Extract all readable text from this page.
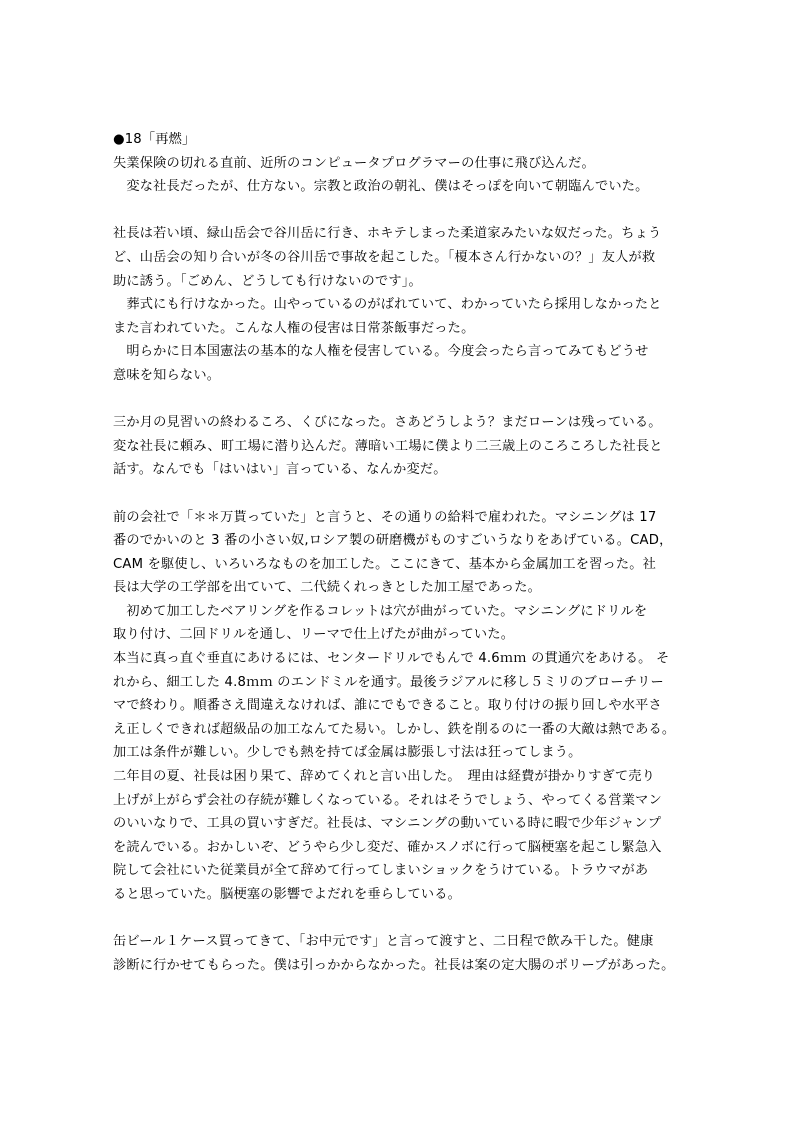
●18「再燃」
失業保険の切れる直前、近所のコンピュータプログラマーの仕事に飛び込んだ。
　変な社長だったが、仕方ない。宗教と政治の朝礼、僕はそっぽを向いて朝臨んでいた。
社長は若い頃、緑山岳会で谷川岳に行き、ホキテしまった柔道家みたいな奴だった。ちょう
ど、山岳会の知り合いが冬の谷川岳で事故を起こした。「榎本さん行かないの？」友人が救
助に誘う。「ごめん、どうしても行けないのです」。
　葬式にも行けなかった。山やっているのがばれていて、わかっていたら採用しなかったと
また言われていた。こんな人権の侵害は日常茶飯事だった。
　明らかに日本国憲法の基本的な人権を侵害している。今度会ったら言ってみてもどうせ
意味を知らない。
三か月の見習いの終わるころ、くびになった。さあどうしよう？まだローンは残っている。
変な社長に頼み、町工場に潜り込んだ。薄暗い工場に僕より二三歳上のころころした社長と
話す。なんでも「はいはい」言っている、なんか変だ。
前の会社で「＊＊万貰っていた」と言うと、その通りの給料で雇われた。マシニングは 17
番のでかいのと 3 番の小さい奴,ロシア製の研磨機がものすごいうなりをあげている。CAD，
CAM を駆使し、いろいろなものを加工した。ここにきて、基本から金属加工を習った。社
長は大学の工学部を出ていて、二代続くれっきとした加工屋であった。
　初めて加工したベアリングを作るコレットは穴が曲がっていた。マシニングにドリルを
取り付け、二回ドリルを通し、リーマで仕上げたが曲がっていた。
本当に真っ直ぐ垂直にあけるには、センタードリルでもんで 4.6ｍｍ の貫通穴をあける。 そ
れから、細工した 4.8ｍｍ のエンドミルを通す。最後ラジアルに移し５ミリのブローチリー
マで終わり。順番さえ間違えなければ、誰にでもできること。取り付けの振り回しや水平さ
え正しくできれば超級品の加工なんてた易い。しかし、鉄を削るのに一番の大敵は熱である。
加工は条件が難しい。少しでも熱を持てば金属は膨張し寸法は狂ってしまう。
二年目の夏、社長は困り果て、辞めてくれと言い出した。　理由は経費が掛かりすぎて売り
上げが上がらず会社の存続が難しくなっている。それはそうでしょう、やってくる営業マン
のいいなりで、工具の買いすぎだ。社長は、マシニングの動いている時に暇で少年ジャンプ
を読んでいる。おかしいぞ、どうやら少し変だ、確かスノボに行って脳梗塞を起こし緊急入
院して会社にいた従業員が全て辞めて行ってしまいショックをうけている。トラウマがあ
ると思っていた。脳梗塞の影響でよだれを垂らしている。
缶ビール１ケース買ってきて、「お中元です」と言って渡すと、二日程で飲み干した。健康
診断に行かせてもらった。僕は引っかからなかった。社長は案の定大腸のポリープがあった。
